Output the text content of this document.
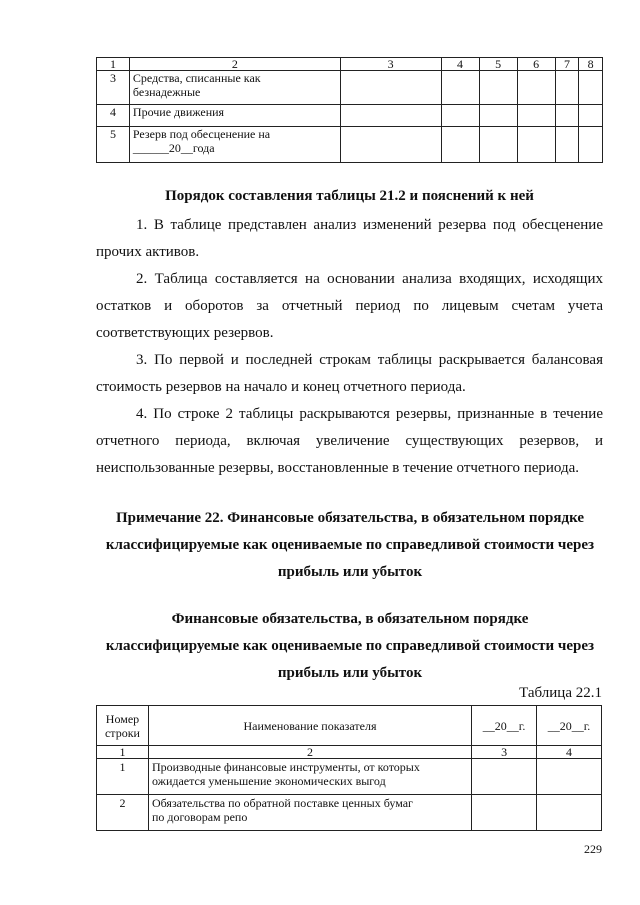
1	2	3	4	5	6	7	8
3	Средства, списанные как
безнадежные						

4	Прочие движения						

5	Резерв под обесценение на
______20__года						

Порядок составления таблицы 21.2 и пояснений к ней
1. В таблице представлен анализ изменений резерва под обесценение прочих активов.
2. Таблица составляется на основании анализа входящих, исходящих остатков и оборотов за отчетный период по лицевым счетам учета соответствующих резервов.
3. По первой и последней строкам таблицы раскрывается балансовая стоимость резервов на начало и конец отчетного периода.
4. По строке 2 таблицы раскрываются резервы, признанные в течение отчетного периода, включая увеличение существующих резервов, и неиспользованные резервы, восстановленные в течение отчетного периода.
Примечание 22. Финансовые обязательства, в обязательном порядке
классифицируемые как оцениваемые по справедливой стоимости через
прибыль или убыток
Финансовые обязательства, в обязательном порядке
классифицируемые как оцениваемые по справедливой стоимости через
прибыль или убыток
Таблица 22.1
Номер
строки	Наименование показателя	__20__г.	__20__г.
1	2	3	4
1	Производные финансовые инструменты, от которых
ожидается уменьшение экономических выгод		

2	Обязательства по обратной поставке ценных бумаг
по договорам репо		

229
